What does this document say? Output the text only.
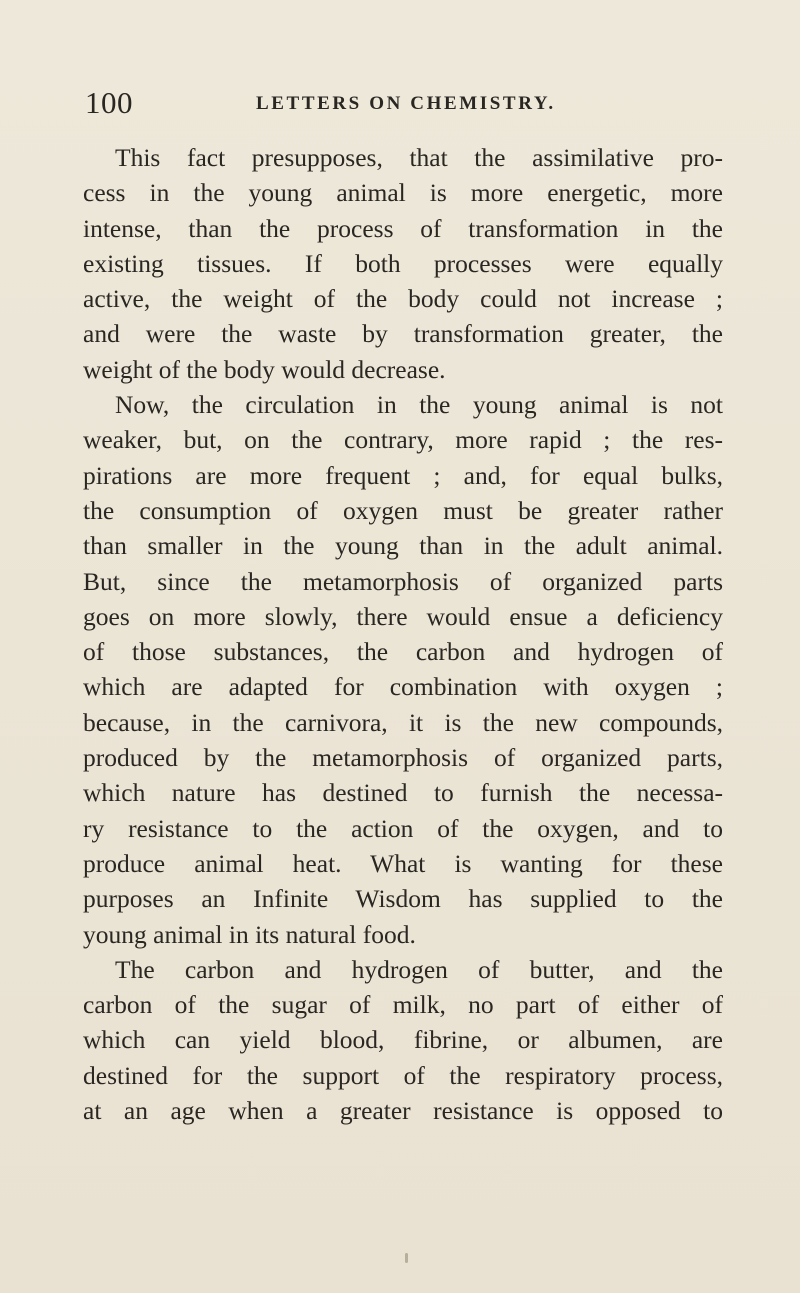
100	LETTERS ON CHEMISTRY.
This fact presupposes, that the assimilative pro-
cess in the young animal is more energetic, more
intense, than the process of transformation in the
existing tissues. If both processes were equally
active, the weight of the body could not increase ;
and were the waste by transformation greater, the
weight of the body would decrease.
Now, the circulation in the young animal is not
weaker, but, on the contrary, more rapid ; the res-
pirations are more frequent ; and, for equal bulks,
the consumption of oxygen must be greater rather
than smaller in the young than in the adult animal.
But, since the metamorphosis of organized parts
goes on more slowly, there would ensue a deficiency
of those substances, the carbon and hydrogen of
which are adapted for combination with oxygen ;
because, in the carnivora, it is the new compounds,
produced by the metamorphosis of organized parts,
which nature has destined to furnish the necessa-
ry resistance to the action of the oxygen, and to
produce animal heat. What is wanting for these
purposes an Infinite Wisdom has supplied to the
young animal in its natural food.
The carbon and hydrogen of butter, and the
carbon of the sugar of milk, no part of either of
which can yield blood, fibrine, or albumen, are
destined for the support of the respiratory process,
at an age when a greater resistance is opposed to
